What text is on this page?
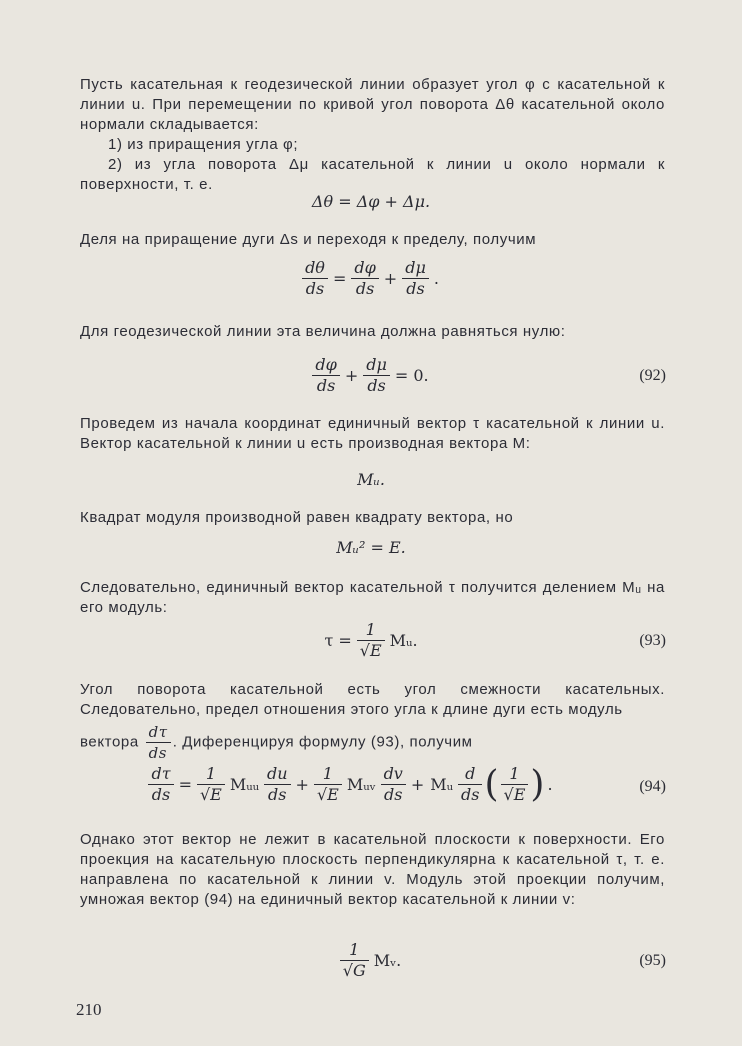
Пусть касательная к геодезической линии образует угол φ с касательной к линии u. При перемещении по кривой угол поворота Δθ касательной около нормали складывается:

1) из приращения угла φ;

2) из угла поворота Δμ касательной к линии u около нормали к поверхности, т. е.

Δθ = Δφ + Δμ.

Деля на приращение дуги Δs и переходя к пределу, получим

$\frac{d\theta}{ds} = \frac{d\varphi}{ds} + \frac{d\mu}{ds}$ .

Для геодезической линии эта величина должна равняться нулю:

$\frac{d\varphi}{ds} + \frac{d\mu}{ds} = 0$.	(92)

Проведем из начала координат единичный вектор τ касательной к линии u. Вектор касательной к линии u есть производная вектора M:

Mᵤ.

Квадрат модуля производной равен квадрату вектора, но

Mᵤ² = E.

Следовательно, единичный вектор касательной τ получится делением Mᵤ на его модуль:

$\tau = \frac{1}{√E}$ Mᵤ.	(93)

Угол поворота касательной есть угол смежности касательных. Следовательно, предел отношения этого угла к длине дуги есть модуль

вектора $\frac{d\tau}{ds}$ . Диференцируя формулу (93), получим

$\frac{d\tau}{ds} = \frac{1}{√E}$ Mᵤᵤ $\frac{du}{ds} + \frac{1}{√E}$ Mᵤᵥ $\frac{dv}{ds}$ + Mᵤ $\frac{d}{ds}$ ( $\frac{1}{√E}$ ) .	(94)

Однако этот вектор не лежит в касательной плоскости к поверхности. Его проекция на касательную плоскость перпендикулярна к касательной τ, т. е. направлена по касательной к линии v. Модуль этой проекции получим, умножая вектор (94) на единичный вектор касательной к линии v:

$\frac{1}{√G}$ Mᵥ.	(95)
210
